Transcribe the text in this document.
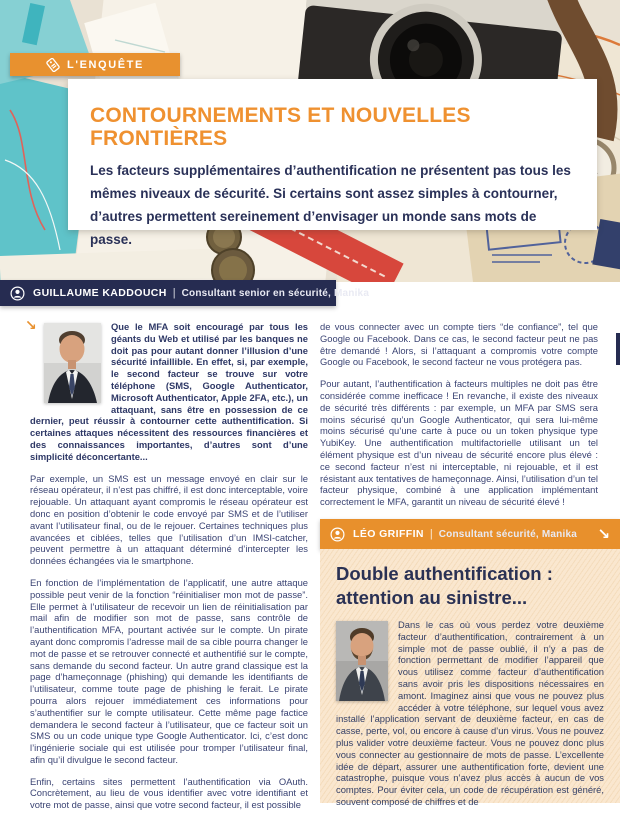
L'ENQUÊTE
CONTOURNEMENTS ET NOUVELLES FRONTIÈRES
Les facteurs supplémentaires d’authentification ne présentent pas tous les mêmes niveaux de sécurité. Si certains sont assez simples à contourner, d’autres permettent sereinement d’envisager un monde sans mots de passe.
GUILLAUME KADDOUCH | Consultant senior en sécurité, Manika

↘	Que le MFA soit encouragé par tous les géants du Web et utilisé par les banques ne doit pas pour autant donner l’illusion d’une sécurité infaillible. En effet, si, par exemple, le second facteur se trouve sur votre téléphone (SMS, Google Authenticator, Microsoft Authenticator, Apple 2FA, etc.), un attaquant, sans être en possession de ce dernier, peut réussir à contourner cette authentification. Si certaines attaques nécessitent des ressources financières et des connaissances importantes, d’autres sont d’une simplicité déconcertante...

Par exemple, un SMS est un message envoyé en clair sur le réseau opérateur, il n’est pas chiffré, il est donc interceptable, voire rejouable. Un attaquant ayant compromis le réseau opérateur est donc en position d’obtenir le code envoyé par SMS et de l’utiliser avant l’utilisateur final, ou de le rejouer. Certaines techniques plus avancées et ciblées, telles que l’utilisation d’un IMSI-catcher, peuvent permettre à un attaquant déterminé d’intercepter les données échangées via le smartphone.

En fonction de l’implémentation de l’applicatif, une autre attaque possible peut venir de la fonction “réinitialiser mon mot de passe”. Elle permet à l’utilisateur de recevoir un lien de réinitialisation par mail afin de modifier son mot de passe, sans contrôle de l’authentification MFA, pourtant activée sur le compte. Un pirate ayant donc compromis l’adresse mail de sa cible pourra changer le mot de passe et se retrouver connecté et authentifié sur le compte, sans demande du second facteur. Un autre grand classique est la page d’hameçonnage (phishing) qui demande les identifiants de l’utilisateur, comme toute page de phishing le ferait. Le pirate pourra alors rejouer immédiatement ces informations pour s’authentifier sur le compte utilisateur. Cette même page factice demandera le second facteur à l’utilisateur, que ce facteur soit un SMS ou un code unique type Google Authenticator. Ici, c’est donc l’ingénierie sociale qui est utilisée pour tromper l’utilisateur final, afin qu’il divulgue le second facteur.

Enfin, certains sites permettent l’authentification via OAuth. Concrètement, au lieu de vous identifier avec votre identifiant et votre mot de passe, ainsi que votre second facteur, il est possible

de vous connecter avec un compte tiers “de confiance”, tel que Google ou Facebook. Dans ce cas, le second facteur peut ne pas être demandé ! Alors, si l’attaquant a compromis votre compte Google ou Facebook, le second facteur ne vous protégera pas.

Pour autant, l’authentification à facteurs multiples ne doit pas être considérée comme inefficace ! En revanche, il existe des niveaux de sécurité très différents : par exemple, un MFA par SMS sera moins sécurisé qu’un Google Authenticator, qui sera lui-même moins sécurisé qu’une carte à puce ou un token physique type YubiKey. Une authentification multifactorielle utilisant un tel élément physique est d’un niveau de sécurité encore plus élevé : ce second facteur n’est ni interceptable, ni rejouable, et il est résistant aux tentatives de hameçonnage. Ainsi, l’utilisation d’un tel facteur physique, combiné à une application implémentant correctement le MFA, garantit un niveau de sécurité élevé !

LÉO GRIFFIN | Consultant sécurité, Manika ↘
Double authentification : attention au sinistre...
Dans le cas où vous perdez votre deuxième facteur d’authentification, contrairement à un simple mot de passe oublié, il n’y a pas de fonction permettant de modifier l’appareil que vous utilisez comme facteur d’authentification sans avoir pris les dispositions nécessaires en amont. Imaginez ainsi que vous ne pouvez plus accéder à votre téléphone, sur lequel vous avez installé l’application servant de deuxième facteur, en cas de casse, perte, vol, ou encore à cause d’un virus. Vous ne pouvez plus valider votre deuxième facteur. Vous ne pouvez donc plus vous connecter au gestionnaire de mots de passe. L’excellente idée de départ, assurer une authentification forte, devient une catastrophe, puisque vous n’avez plus accès à aucun de vos comptes. Pour éviter cela, un code de récupération est généré, souvent composé de chiffres et de
